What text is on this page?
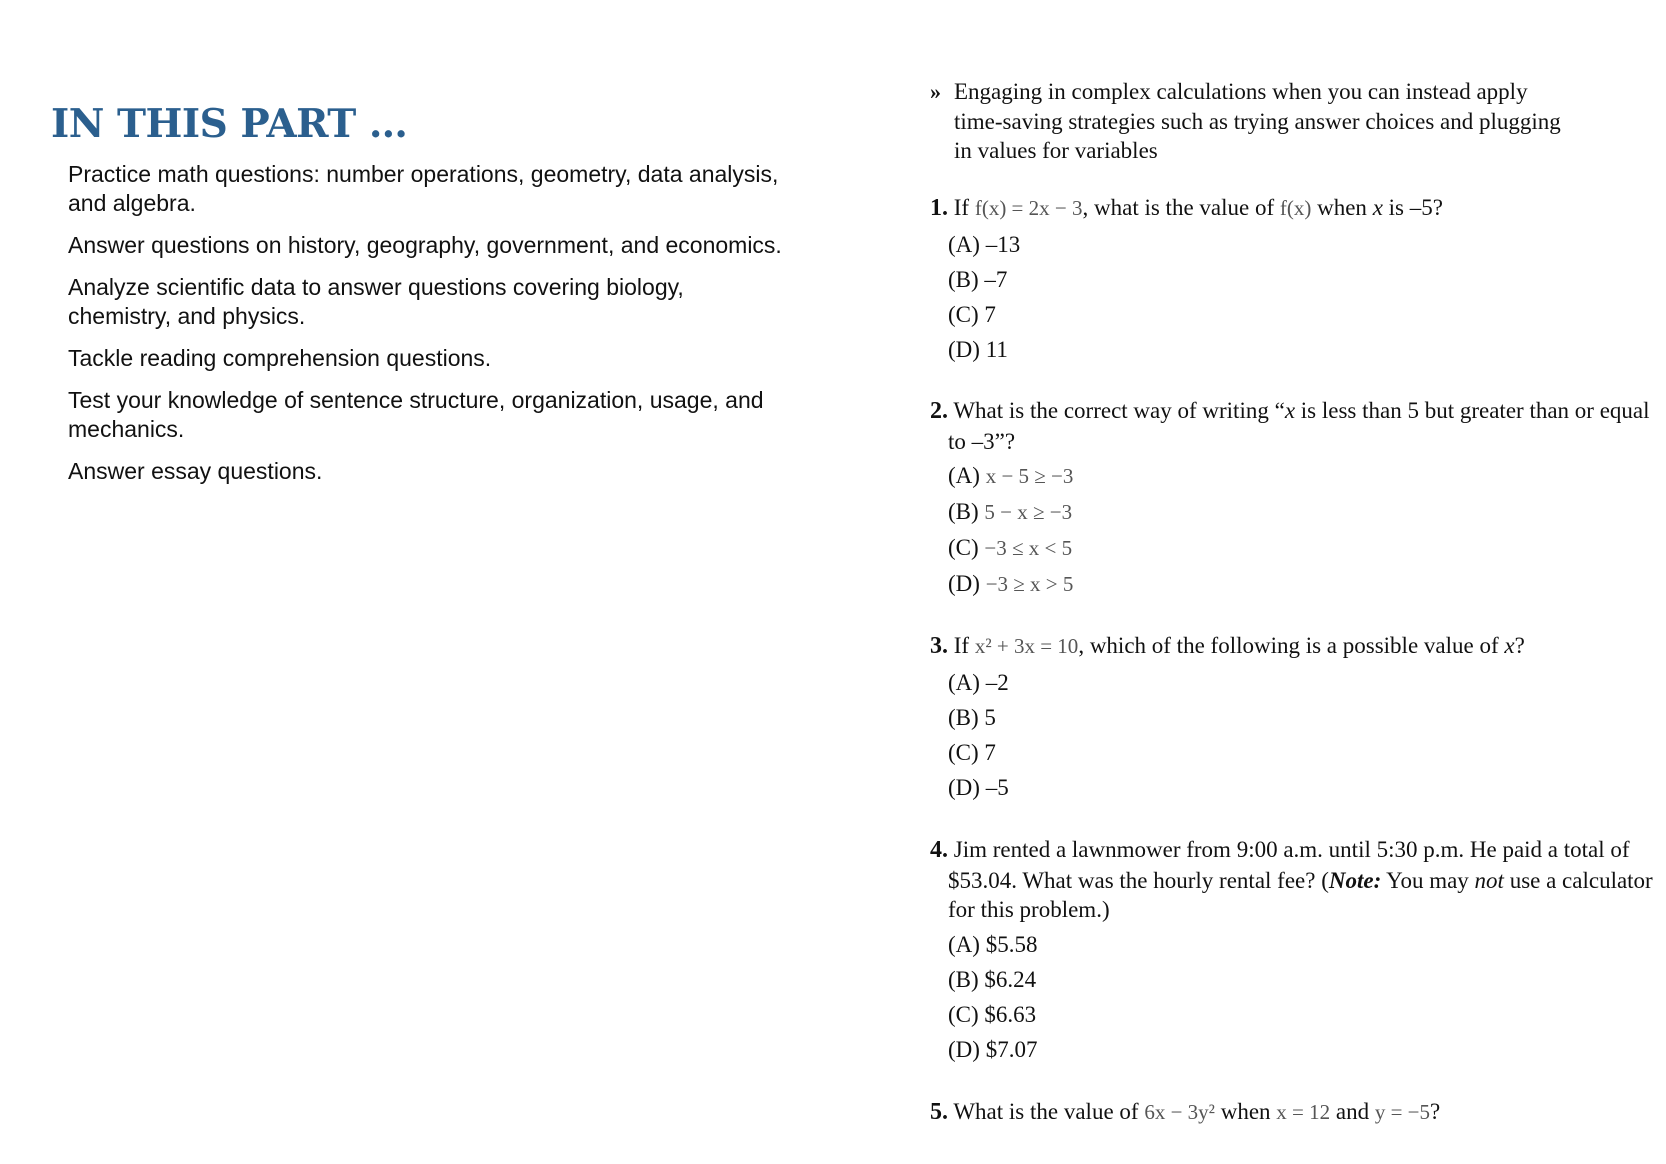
IN THIS PART …
Practice math questions: number operations, geometry, data analysis, and algebra.
Answer questions on history, geography, government, and economics.
Analyze scientific data to answer questions covering biology, chemistry, and physics.
Tackle reading comprehension questions.
Test your knowledge of sentence structure, organization, usage, and mechanics.
Answer essay questions.
» Engaging in complex calculations when you can instead apply time-saving strategies such as trying answer choices and plugging in values for variables
1. If f(x) = 2x − 3, what is the value of f(x) when x is –5?
(A) –13
(B) –7
(C) 7
(D) 11
2. What is the correct way of writing “x is less than 5 but greater than or equal to –3”?
(A) x − 5 ≥ −3
(B) 5 − x ≥ −3
(C) −3 ≤ x < 5
(D) −3 ≥ x > 5
3. If x² + 3x = 10, which of the following is a possible value of x?
(A) –2
(B) 5
(C) 7
(D) –5
4. Jim rented a lawnmower from 9:00 a.m. until 5:30 p.m. He paid a total of $53.04. What was the hourly rental fee? (Note: You may not use a calculator for this problem.)
(A) $5.58
(B) $6.24
(C) $6.63
(D) $7.07
5. What is the value of 6x − 3y² when x = 12 and y = −5?
